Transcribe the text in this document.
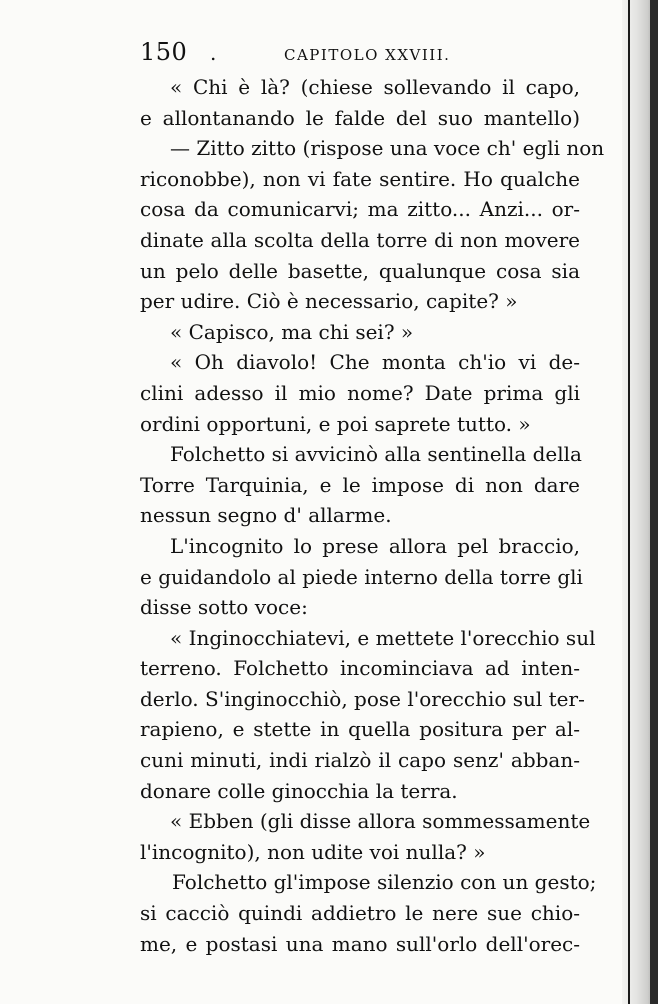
150	.	CAPITOLO XXVIII.
« Chi è là? (chiese sollevando il capo,
e allontanando le falde del suo mantello)
— Zitto zitto (rispose una voce ch' egli non
riconobbe), non vi fate sentire. Ho qualche
cosa da comunicarvi; ma zitto... Anzi... or-
dinate alla scolta della torre di non movere
un pelo delle basette, qualunque cosa sia
per udire. Ciò è necessario, capite? »
« Capisco, ma chi sei? »
« Oh diavolo! Che monta ch'io vi de-
clini adesso il mio nome? Date prima gli
ordini opportuni, e poi saprete tutto. »
Folchetto si avvicinò alla sentinella della
Torre Tarquinia, e le impose di non dare
nessun segno d' allarme.
L'incognito lo prese allora pel braccio,
e guidandolo al piede interno della torre gli
disse sotto voce:
« Inginocchiatevi, e mettete l'orecchio sul
terreno. Folchetto incominciava ad inten-
derlo. S'inginocchiò, pose l'orecchio sul ter-
rapieno, e stette in quella positura per al-
cuni minuti, indi rialzò il capo senz' abban-
donare colle ginocchia la terra.
« Ebben (gli disse allora sommessamente
l'incognito), non udite voi nulla? »
Folchetto gl'impose silenzio con un gesto;
si cacciò quindi addietro le nere sue chio-
me, e postasi una mano sull'orlo dell'orec-
